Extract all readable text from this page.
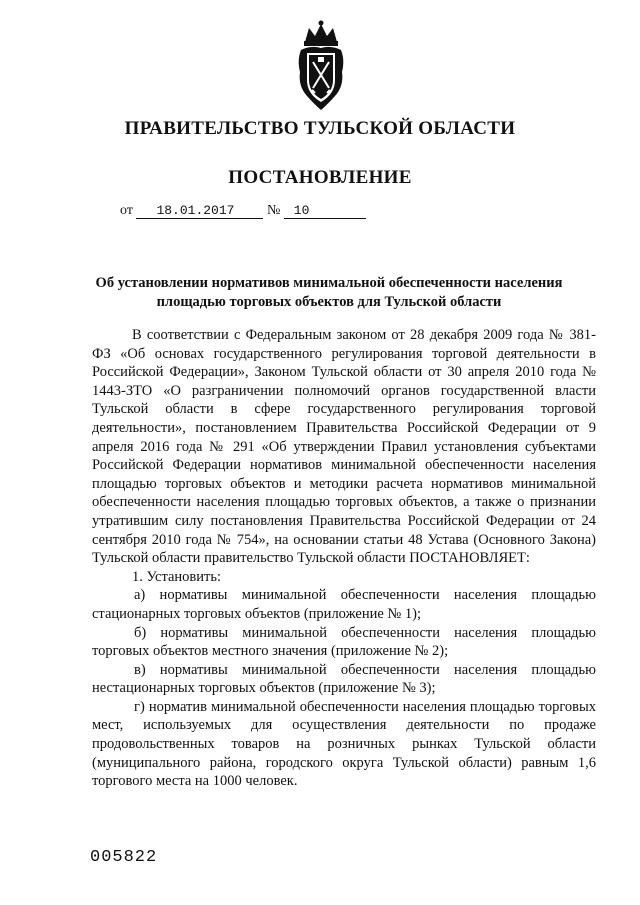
ПРАВИТЕЛЬСТВО ТУЛЬСКОЙ ОБЛАСТИ
ПОСТАНОВЛЕНИЕ
от 18.01.2017 № 10
Об установлении нормативов минимальной обеспеченности населения площадью торговых объектов для Тульской области

В соответствии с Федеральным законом от 28 декабря 2009 года № 381-ФЗ «Об основах государственного регулирования торговой деятельности в Российской Федерации», Законом Тульской области от 30 апреля 2010 года № 1443-ЗТО «О разграничении полномочий органов государственной власти Тульской области в сфере государственного регулирования торговой деятельности», постановлением Правительства Российской Федерации от 9 апреля 2016 года № 291 «Об утверждении Правил установления субъектами Российской Федерации нормативов минимальной обеспеченности населения площадью торговых объектов и методики расчета нормативов минимальной обеспеченности населения площадью торговых объектов, а также о признании утратившим силу постановления Правительства Российской Федерации от 24 сентября 2010 года № 754», на основании статьи 48 Устава (Основного Закона) Тульской области правительство Тульской области ПОСТАНОВЛЯЕТ:

1. Установить:

а) нормативы минимальной обеспеченности населения площадью стационарных торговых объектов (приложение № 1);

б) нормативы минимальной обеспеченности населения площадью торговых объектов местного значения (приложение № 2);

в) нормативы минимальной обеспеченности населения площадью нестационарных торговых объектов (приложение № 3);

г) норматив минимальной обеспеченности населения площадью торговых мест, используемых для осуществления деятельности по продаже продовольственных товаров на розничных рынках Тульской области (муниципального района, городского округа Тульской области) равным 1,6 торгового места на 1000 человек.

005822
